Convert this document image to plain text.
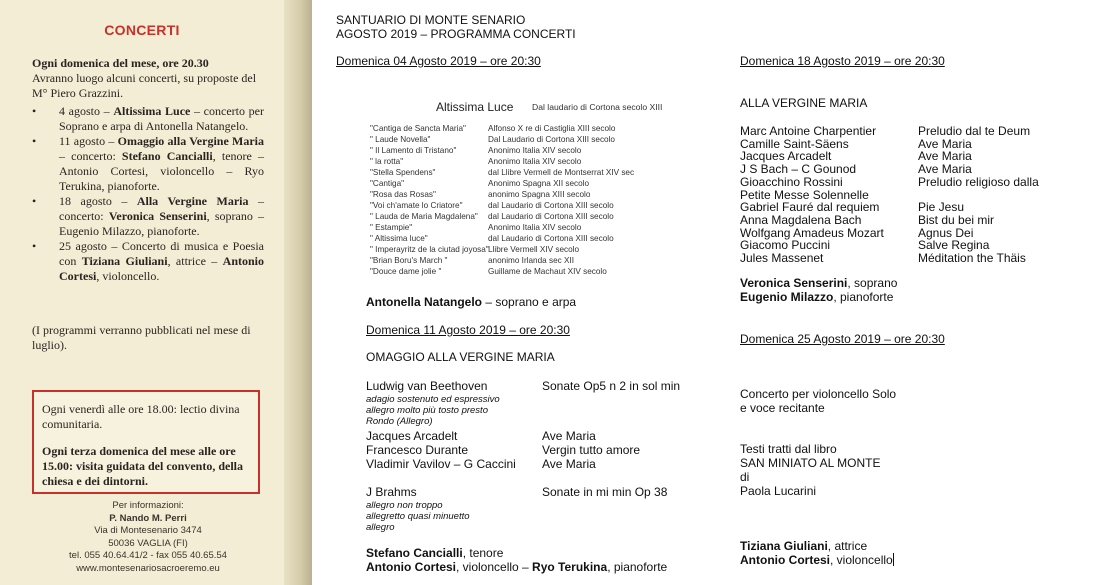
CONCERTI
Ogni domenica del mese, ore 20.30
Avranno luogo alcuni concerti, su proposte del M° Piero Grazzini.
• 4 agosto – Altissima Luce – concerto per Soprano e arpa di Antonella Natangelo.
• 11 agosto – Omaggio alla Vergine Maria – concerto: Stefano Cancialli, tenore – Antonio Cortesi, violoncello – Ryo Terukina, pianoforte.
• 18 agosto – Alla Vergine Maria – concerto: Veronica Senserini, soprano – Eugenio Milazzo, pianoforte.
• 25 agosto – Concerto di musica e Poesia con Tiziana Giuliani, attrice – Antonio Cortesi, violoncello.
(I programmi verranno pubblicati nel mese di luglio).
Ogni venerdì alle ore 18.00: lectio divina comunitaria.
Ogni terza domenica del mese alle ore 15.00: visita guidata del convento, della chiesa e dei dintorni.
Per informazioni:
P. Nando M. Perri
Via di Montesenario 3474
50036 VAGLIA (FI)
tel. 055 40.64.41/2 - fax 055 40.65.54
www.montesenariosacroeremo.eu
SANTUARIO DI MONTE SENARIO
AGOSTO 2019 – PROGRAMMA CONCERTI
Domenica 04 Agosto 2019 – ore 20:30
Altissima Luce Dal laudario di Cortona secolo XIII
"Cantiga de Sancta Maria"	Alfonso X re di Castiglia XIII secolo
" Laude Novella"	Dal Laudario di Cortona XIII secolo
" Il Lamento di Tristano"	Anonimo Italia XIV secolo
" la rotta"	Anonimo Italia XIV secolo
"Stella Spendens"	dal Llibre Vermell de Montserrat XIV sec
"Cantiga"	Anonimo Spagna XII secolo
"Rosa das Rosas"	anonimo Spagna XIII secolo
"Voi ch'amate lo Criatore"	dal Laudario di Cortona XIII secolo
" Lauda de Maria Magdalena" dal Laudario di Cortona XIII secolo
" Estampie"	Anonimo Italia XIV secolo
" Altissima luce"	dal Laudario di Cortona XIII secolo
" Imperayritz de la ciutad joyosa" Llibre Vermell XIV secolo
"Brian Boru's March "	anonimo Irlanda sec XII
"Douce dame jolie "	Guillame de Machaut XIV secolo
Antonella Natangelo – soprano e arpa
Domenica 11 Agosto 2019 – ore 20:30
OMAGGIO ALLA VERGINE MARIA
Ludwig van Beethoven	Sonate Op5 n 2 in sol min
adagio sostenuto ed espressivo
allegro molto più tosto presto
Rondo (Allegro)
Jacques Arcadelt	Ave Maria
Francesco Durante	Vergin tutto amore
Vladimir Vavilov – G Caccini Ave Maria
J Brahms	Sonate in mi min Op 38
allegro non troppo
allegretto quasi minuetto
allegro
Stefano Cancialli, tenore
Antonio Cortesi, violoncello – Ryo Terukina, pianoforte
Domenica 18 Agosto 2019 – ore 20:30
ALLA VERGINE MARIA
Marc Antoine Charpentier	Preludio dal te Deum
Camille Saint-Säens	Ave Maria
Jacques Arcadelt	Ave Maria
J S Bach – C Gounod	Ave Maria
Gioacchino Rossini	Preludio religioso dalla
Petite Messe Solennelle
Gabriel Fauré dal requiem	Pie Jesu
Anna Magdalena Bach	Bist du bei mir
Wolfgang Amadeus Mozart	Agnus Dei
Giacomo Puccini	Salve Regina
Jules Massenet	Méditation the Thäis
Veronica Senserini, soprano
Eugenio Milazzo, pianoforte
Domenica 25 Agosto 2019 – ore 20:30
Concerto per violoncello Solo
e voce recitante
Testi tratti dal libro
SAN MINIATO AL MONTE
di
Paola Lucarini
Tiziana Giuliani, attrice
Antonio Cortesi, violoncello
